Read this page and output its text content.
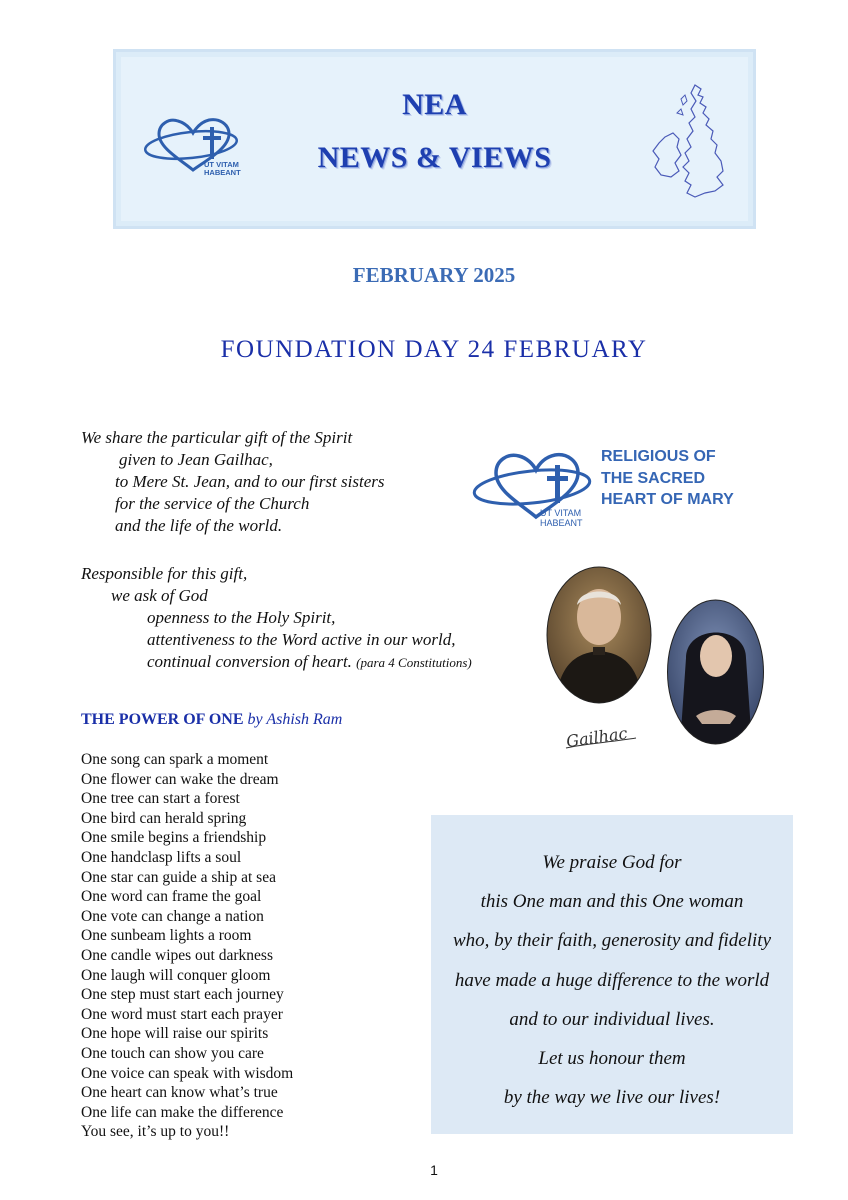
UT VITAM
HABEANT
NEA
NEWS & VIEWS
FEBRUARY 2025
FOUNDATION DAY 24 FEBRUARY
We share the particular gift of the Spirit
given to Jean Gailhac,
to Mere St. Jean, and to our first sisters
for the service of the Church
and the life of the world.
Responsible for this gift,
we ask of God
openness to the Holy Spirit,
attentiveness to the Word active in our world,
continual conversion of heart. (para 4 Constitutions)
UT VITAM
HABEANT
RELIGIOUS OF
THE SACRED
HEART OF MARY
Gailhac
THE POWER OF ONE by Ashish Ram
One song can spark a moment
One flower can wake the dream
One tree can start a forest
One bird can herald spring
One smile begins a friendship
One handclasp lifts a soul
One star can guide a ship at sea
One word can frame the goal
One vote can change a nation
One sunbeam lights a room
One candle wipes out darkness
One laugh will conquer gloom
One step must start each journey
One word must start each prayer
One hope will raise our spirits
One touch can show you care
One voice can speak with wisdom
One heart can know what’s true
One life can make the difference
You see, it’s up to you!!
We praise God for
this One man and this One woman
who, by their faith, generosity and fidelity
have made a huge difference to the world
and to our individual lives.
Let us honour them
by the way we live our lives!
1
